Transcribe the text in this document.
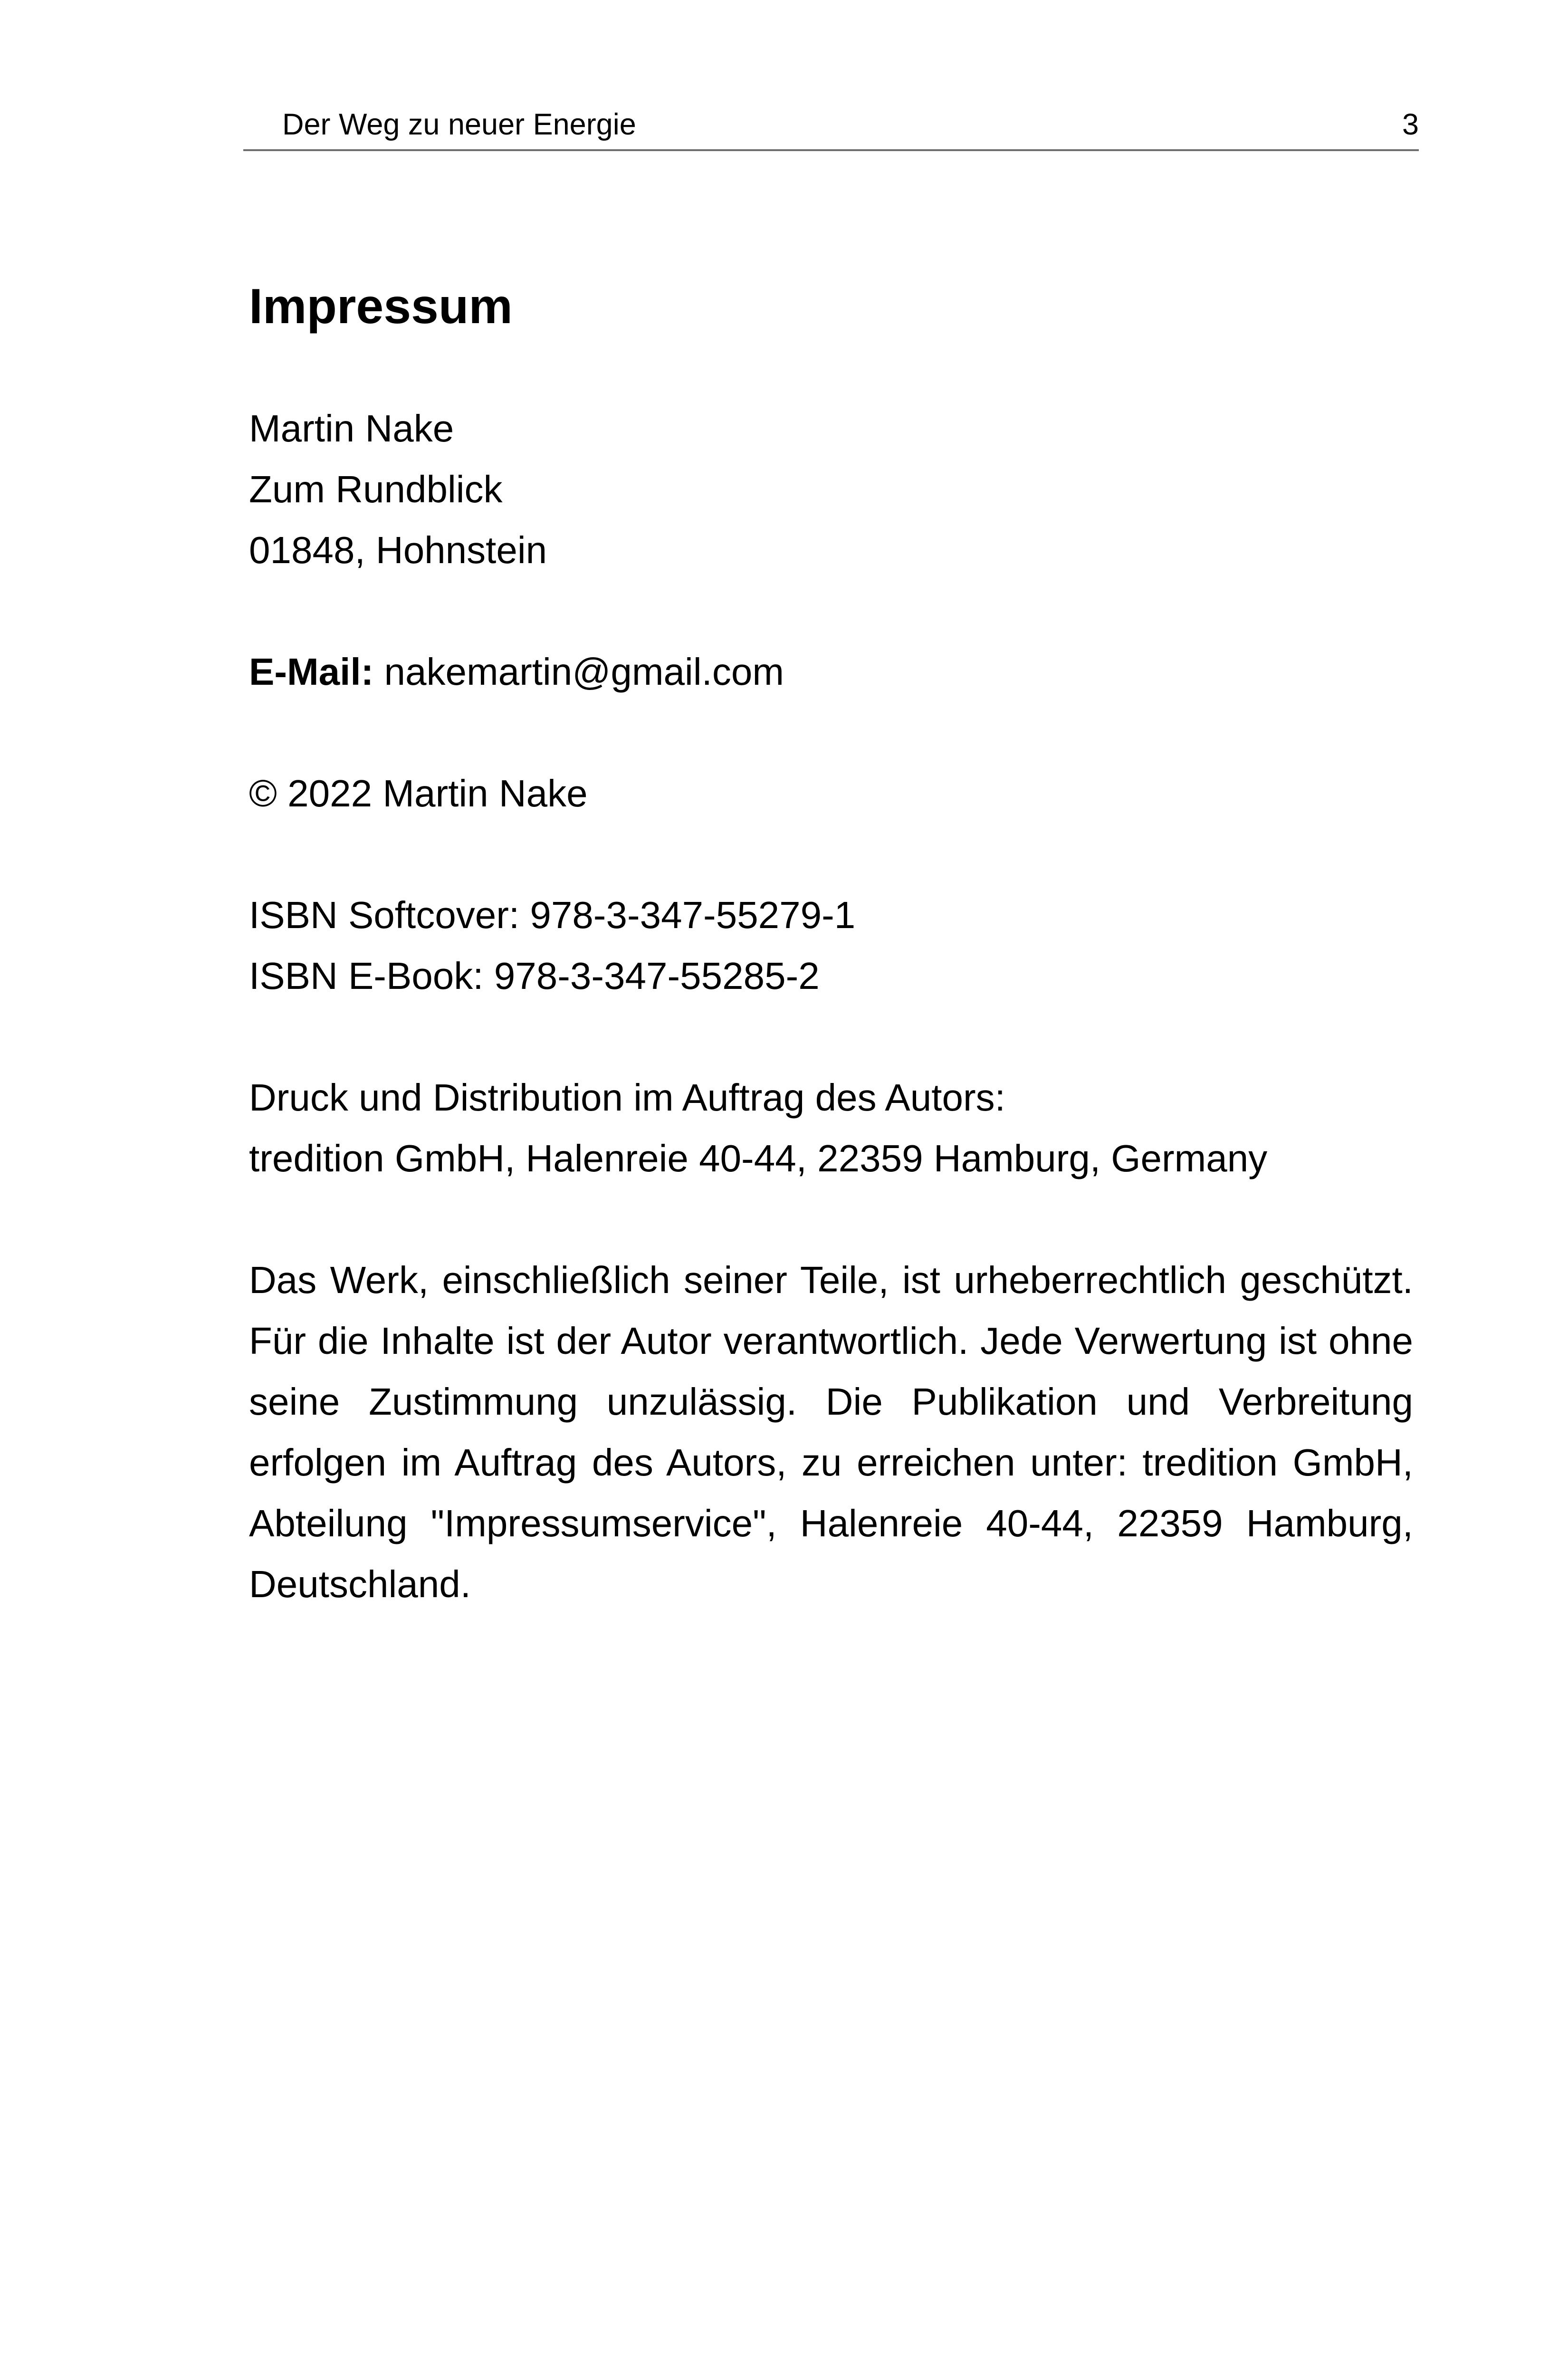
Der Weg zu neuer Energie	3
Impressum

Martin Nake
Zum Rundblick
01848, Hohnstein

E-Mail: nakemartin@gmail.com

© 2022 Martin Nake

ISBN Softcover: 978-3-347-55279-1
ISBN E-Book: 978-3-347-55285-2

Druck und Distribution im Auftrag des Autors:
tredition GmbH, Halenreie 40-44, 22359 Hamburg, Germany

Das Werk, einschließlich seiner Teile, ist urheberrechtlich geschützt. Für die Inhalte ist der Autor verantwortlich. Jede Verwertung ist ohne seine Zustimmung unzulässig. Die Publikation und Verbreitung erfolgen im Auftrag des Autors, zu erreichen unter: tredition GmbH, Abteilung "Impressumservice", Halenreie 40-44, 22359 Hamburg, Deutschland.
